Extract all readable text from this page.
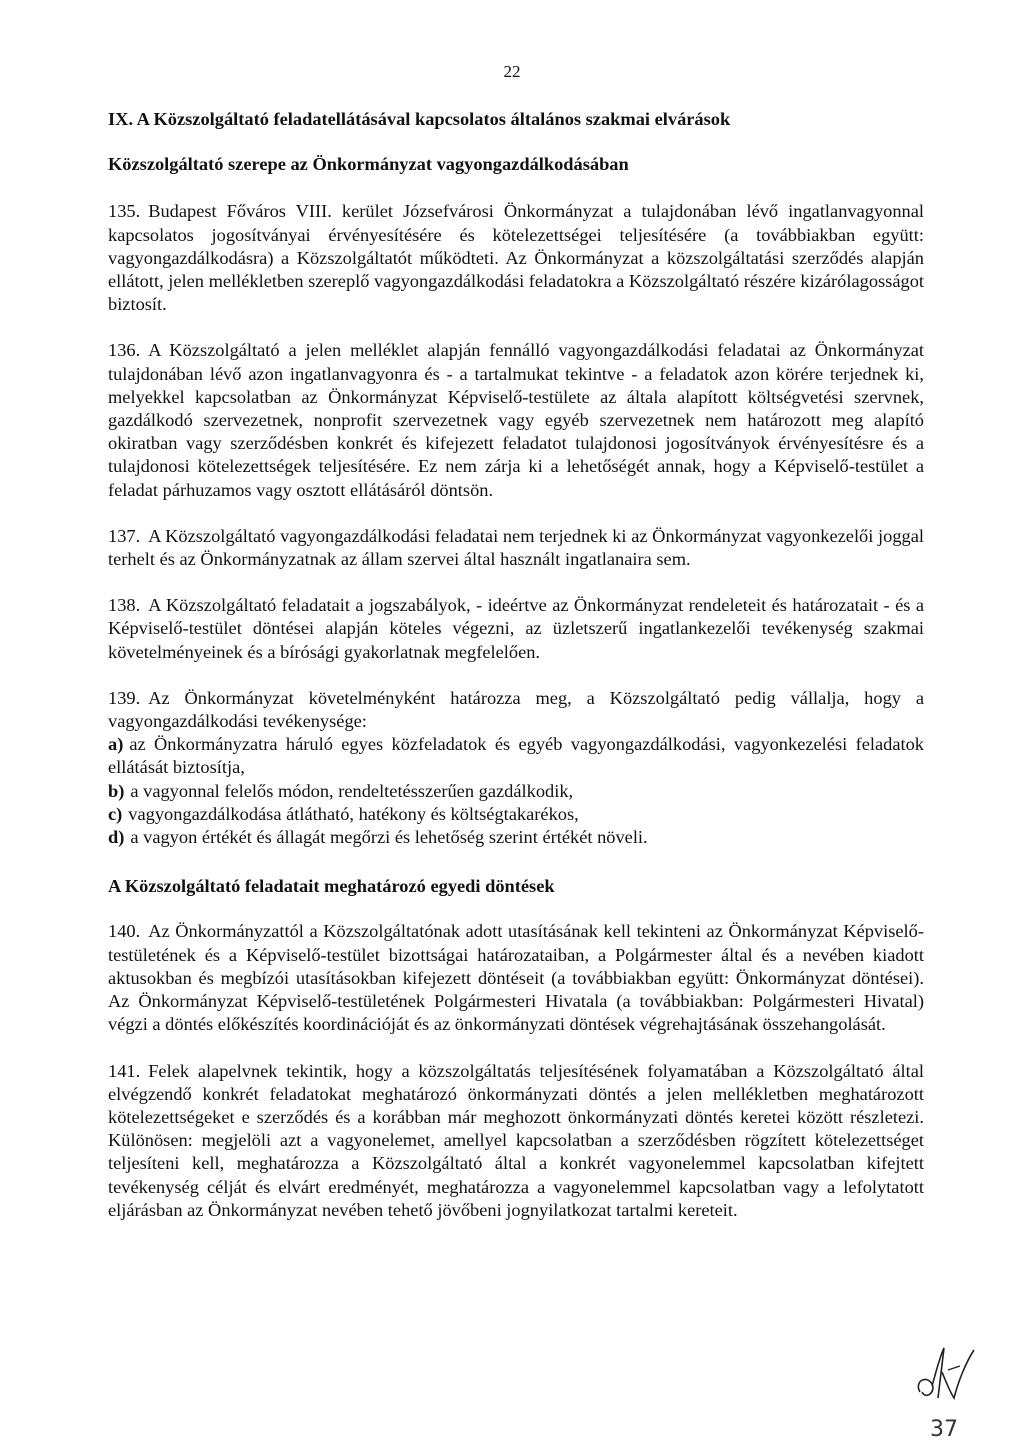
22

IX. A Közszolgáltató feladatellátásával kapcsolatos általános szakmai elvárások

Közszolgáltató szerepe az Önkormányzat vagyongazdálkodásában

135. Budapest Főváros VIII. kerület Józsefvárosi Önkormányzat a tulajdonában lévő ingatlanvagyonnal kapcsolatos jogosítványai érvényesítésére és kötelezettségei teljesítésére (a továbbiakban együtt: vagyongazdálkodásra) a Közszolgáltatót működteti. Az Önkormányzat a közszolgáltatási szerződés alapján ellátott, jelen mellékletben szereplő vagyongazdálkodási feladatokra a Közszolgáltató részére kizárólagosságot biztosít.

136. A Közszolgáltató a jelen melléklet alapján fennálló vagyongazdálkodási feladatai az Önkormányzat tulajdonában lévő azon ingatlanvagyonra és - a tartalmukat tekintve - a feladatok azon körére terjednek ki, melyekkel kapcsolatban az Önkormányzat Képviselő-testülete az általa alapított költségvetési szervnek, gazdálkodó szervezetnek, nonprofit szervezetnek vagy egyéb szervezetnek nem határozott meg alapító okiratban vagy szerződésben konkrét és kifejezett feladatot tulajdonosi jogosítványok érvényesítésre és a tulajdonosi kötelezettségek teljesítésére. Ez nem zárja ki a lehetőségét annak, hogy a Képviselő-testület a feladat párhuzamos vagy osztott ellátásáról döntsön.

137. A Közszolgáltató vagyongazdálkodási feladatai nem terjednek ki az Önkormányzat vagyonkezelői joggal terhelt és az Önkormányzatnak az állam szervei által használt ingatlanaira sem.

138. A Közszolgáltató feladatait a jogszabályok, - ideértve az Önkormányzat rendeleteit és határozatait - és a Képviselő-testület döntései alapján köteles végezni, az üzletszerű ingatlankezelői tevékenység szakmai követelményeinek és a bírósági gyakorlatnak megfelelően.

139. Az Önkormányzat követelményként határozza meg, a Közszolgáltató pedig vállalja, hogy a vagyongazdálkodási tevékenysége:

a) az Önkormányzatra háruló egyes közfeladatok és egyéb vagyongazdálkodási, vagyonkezelési feladatok ellátását biztosítja,
b) a vagyonnal felelős módon, rendeltetésszerűen gazdálkodik,
c) vagyongazdálkodása átlátható, hatékony és költségtakarékos,
d) a vagyon értékét és állagát megőrzi és lehetőség szerint értékét növeli.

A Közszolgáltató feladatait meghatározó egyedi döntések

140. Az Önkormányzattól a Közszolgáltatónak adott utasításának kell tekinteni az Önkormányzat Képviselő-testületének és a Képviselő-testület bizottságai határozataiban, a Polgármester által és a nevében kiadott aktusokban és megbízói utasításokban kifejezett döntéseit (a továbbiakban együtt: Önkormányzat döntései). Az Önkormányzat Képviselő-testületének Polgármesteri Hivatala (a továbbiakban: Polgármesteri Hivatal) végzi a döntés előkészítés koordinációját és az önkormányzati döntések végrehajtásának összehangolását.

141. Felek alapelvnek tekintik, hogy a közszolgáltatás teljesítésének folyamatában a Közszolgáltató által elvégzendő konkrét feladatokat meghatározó önkormányzati döntés a jelen mellékletben meghatározott kötelezettségeket e szerződés és a korábban már meghozott önkormányzati döntés keretei között részletezi. Különösen: megjelöli azt a vagyonelemet, amellyel kapcsolatban a szerződésben rögzített kötelezettséget teljesíteni kell, meghatározza a Közszolgáltató által a konkrét vagyonelemmel kapcsolatban kifejtett tevékenység célját és elvárt eredményét, meghatározza a vagyonelemmel kapcsolatban vagy a lefolytatott eljárásban az Önkormányzat nevében tehető jövőbeni jognyilatkozat tartalmi kereteit.

37
